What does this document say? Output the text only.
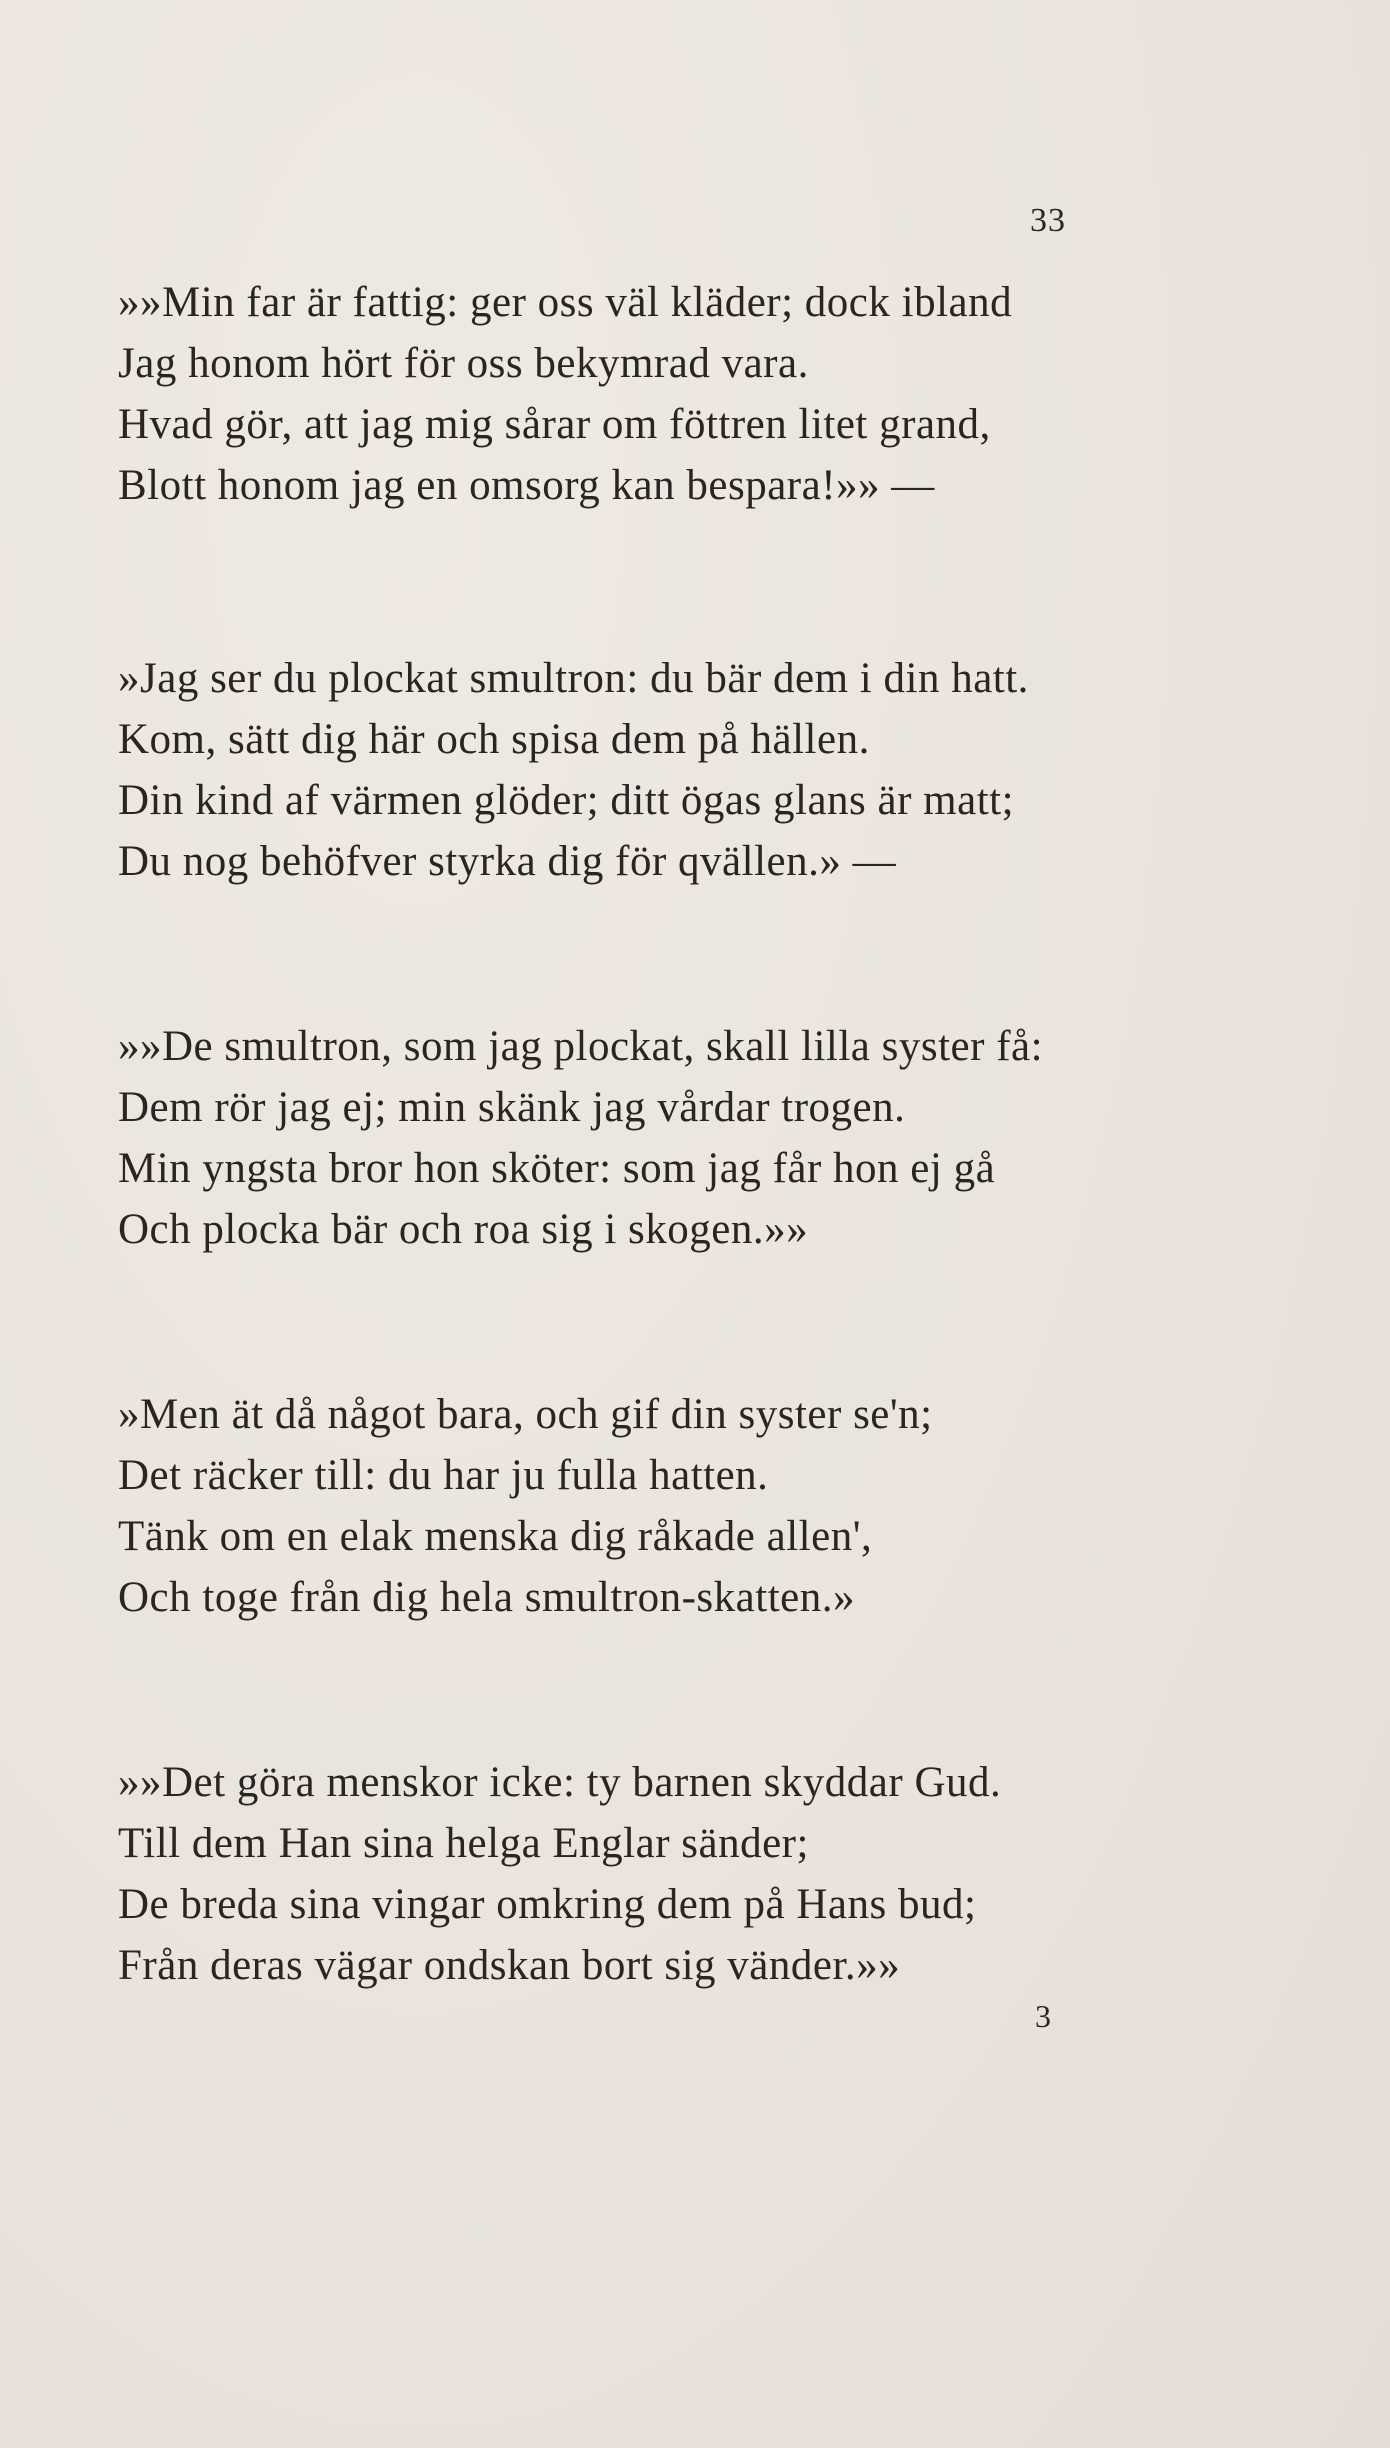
33
»»Min far är fattig: ger oss väl kläder; dock ibland
Jag honom hört för oss bekymrad vara.
Hvad gör, att jag mig sårar om föttren litet grand,
Blott honom jag en omsorg kan bespara!»» —
»Jag ser du plockat smultron: du bär dem i din hatt.
Kom, sätt dig här och spisa dem på hällen.
Din kind af värmen glöder; ditt ögas glans är matt;
Du nog behöfver styrka dig för qvällen.» —
»»De smultron, som jag plockat, skall lilla syster få:
Dem rör jag ej; min skänk jag vårdar trogen.
Min yngsta bror hon sköter: som jag får hon ej gå
Och plocka bär och roa sig i skogen.»»
»Men ät då något bara, och gif din syster se'n;
Det räcker till: du har ju fulla hatten.
Tänk om en elak menska dig råkade allen',
Och toge från dig hela smultron-skatten.»
»»Det göra menskor icke: ty barnen skyddar Gud.
Till dem Han sina helga Englar sänder;
De breda sina vingar omkring dem på Hans bud;
Från deras vägar ondskan bort sig vänder.»»
3
